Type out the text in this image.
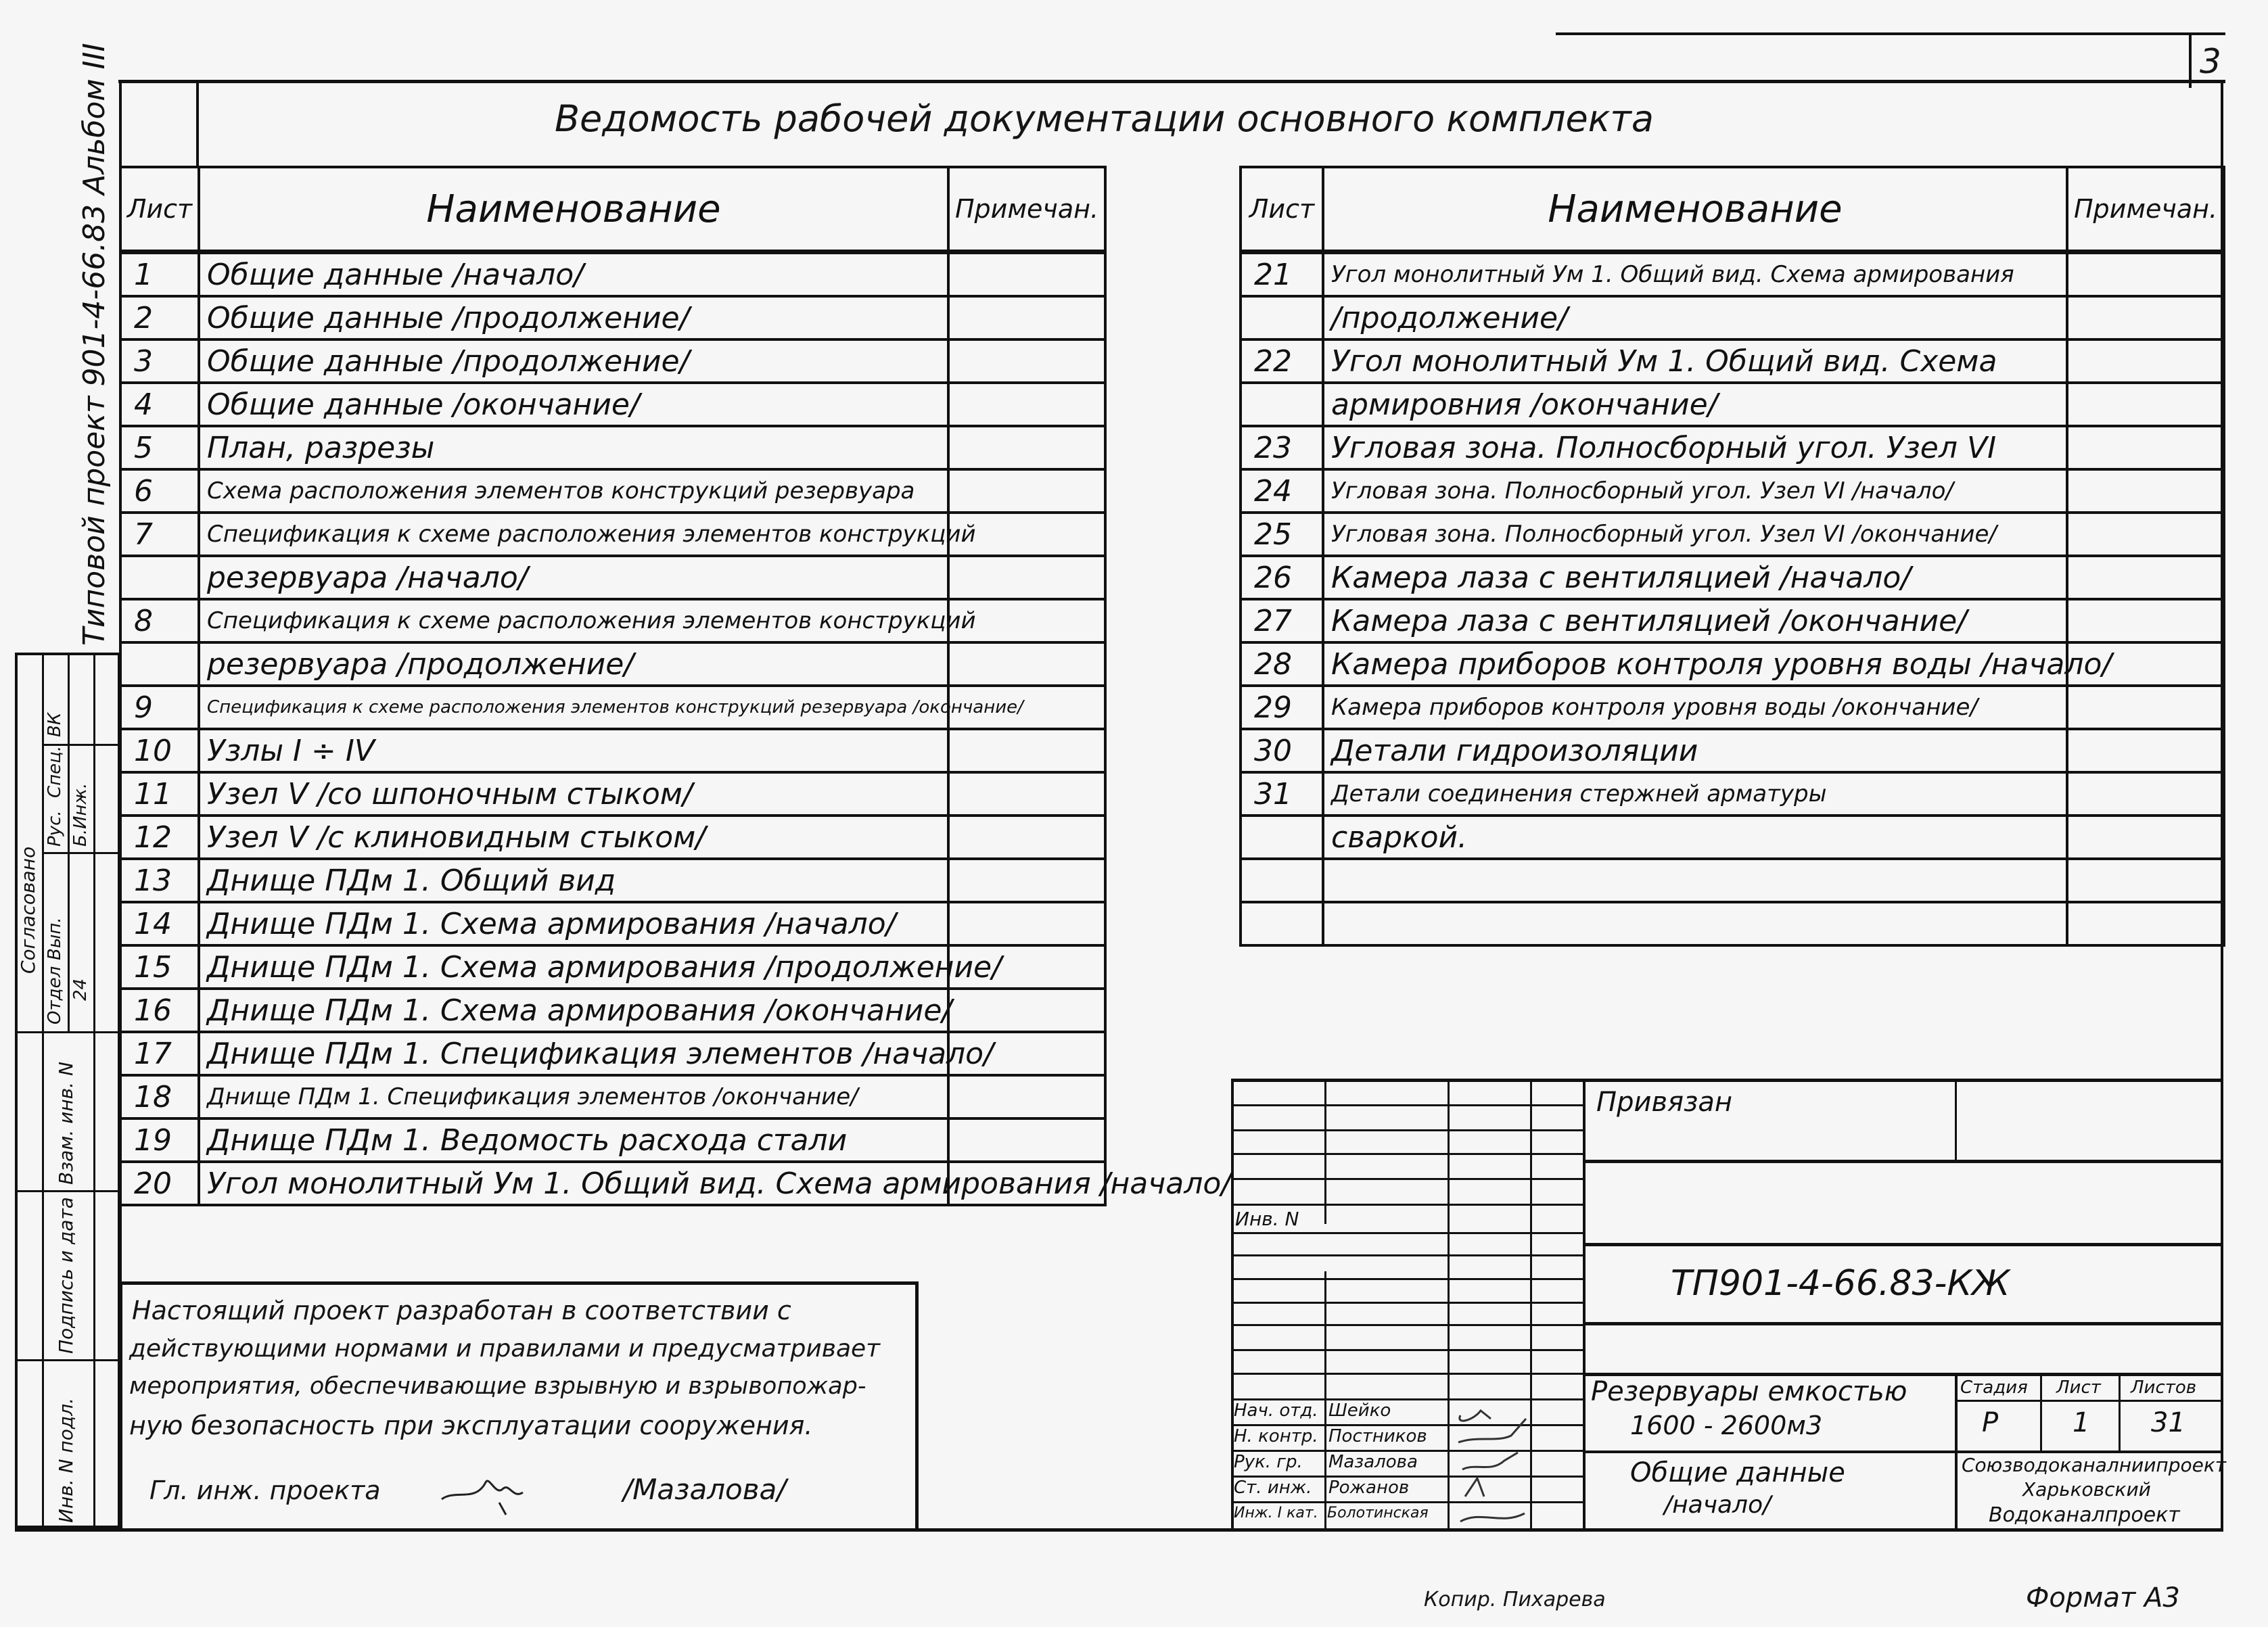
3
Ведомость рабочей документации основного комплекта
Типовой проект 901-4-66.83 Альбом III
Согласовано
Отдел
Вып.
Рус.
Спец.
ВК
24
Б.Инж.
Взам. инв. N
Подпись и дата
Инв. N подл.
Лист	Наименование	Примечан.
1	Общие данные /начало/	
2	Общие данные /продолжение/	
3	Общие данные /продолжение/	
4	Общие данные /окончание/	
5	План, разрезы	
6	Схема расположения элементов конструкций резервуара	
7	Спецификация к схеме расположения элементов конструкций	
	резервуара /начало/	
8	Спецификация к схеме расположения элементов конструкций	
	резервуара /продолжение/	
9	Спецификация к схеме расположения элементов конструкций резервуара /окончание/	
10	Узлы I ÷ IV	
11	Узел V /со шпоночным стыком/	
12	Узел V /с клиновидным стыком/	
13	Днище ПДм 1. Общий вид	
14	Днище ПДм 1. Схема армирования /начало/	
15	Днище ПДм 1. Схема армирования /продолжение/	
16	Днище ПДм 1. Схема армирования /окончание/	
17	Днище ПДм 1. Спецификация элементов /начало/	
18	Днище ПДм 1. Спецификация элементов /окончание/	
19	Днище ПДм 1. Ведомость расхода стали	
20	Угол монолитный Ум 1. Общий вид. Схема армирования /начало/	
Лист	Наименование	Примечан.
21	Угол монолитный Ум 1. Общий вид. Схема армирования	
	/продолжение/	
22	Угол монолитный Ум 1. Общий вид. Схема	
	армировния /окончание/	
23	Угловая зона. Полносборный угол. Узел VI	
24	Угловая зона. Полносборный угол. Узел VI /начало/	
25	Угловая зона. Полносборный угол. Узел VI /окончание/	
26	Камера лаза с вентиляцией /начало/	
27	Камера лаза с вентиляцией /окончание/	
28	Камера приборов контроля уровня воды /начало/	
29	Камера приборов контроля уровня воды /окончание/	
30	Детали гидроизоляции	
31	Детали соединения стержней арматуры	
	сваркой.	

Настоящий проект разработан в соответствии с
действующими нормами и правилами и предусматривает
мероприятия, обеспечивающие взрывную и взрывопожар-
ную безопасность при эксплуатации сооружения.
Гл. инж. проекта	/Мазалова/
Инв. N
Нач. отд. Шейко
Н. контр. Постников
Рук. гр. Мазалова
Ст. инж. Рожанов
Инж. I кат. Болотинская
Привязан
ТП901-4-66.83-КЖ
Резервуары емкостью
1600 - 2600м3
Общие данные
/начало/
Стадия Лист Листов
Р	1 31
Союзводоканалниипроект
Харьковский
Водоканалпроект
Копир. Пихарева	Формат А3
